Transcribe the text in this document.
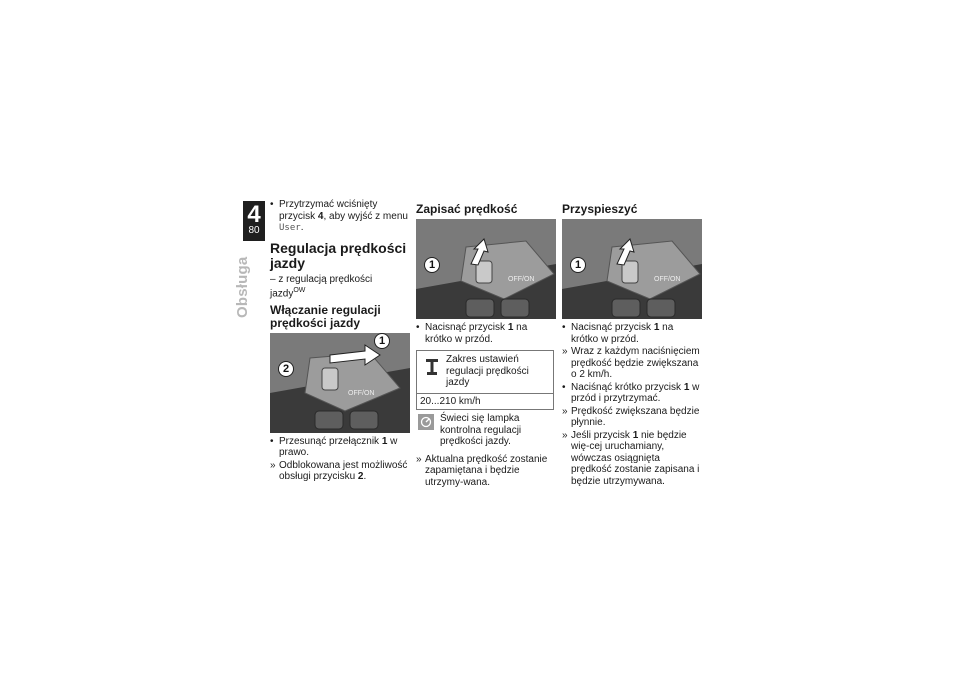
4
80
Obsługa
• Przytrzymać wciśnięty przycisk 4, aby wyjść z menu User.
Regulacja prędkości jazdy
– z regulacją prędkości jazdy$^{OW}$
Włączanie regulacji prędkości jazdy
OFF/ON
1
2
• Przesunąć przełącznik 1 w prawo.
» Odblokowana jest możliwość obsługi przycisku 2.
Zapisać prędkość
OFF/ON
1
• Nacisnąć przycisk 1 na krótko w przód.
Zakres ustawień regulacji prędkości jazdy
20...210 km/h
Świeci się lampka kontrolna regulacji prędkości jazdy.
» Aktualna prędkość zostanie zapamiętana i będzie utrzymy-wana.
Przyspieszyć
OFF/ON
1
• Nacisnąć przycisk 1 na krótko w przód.
» Wraz z każdym naciśnięciem prędkość będzie zwiększana o 2 km/h.
• Naciśnąć krótko przycisk 1 w przód i przytrzymać.
» Prędkość zwiększana będzie płynnie.
» Jeśli przycisk 1 nie będzie wię-cej uruchamiany, wówczas osiągnięta prędkość zostanie zapisana i będzie utrzymywana.
